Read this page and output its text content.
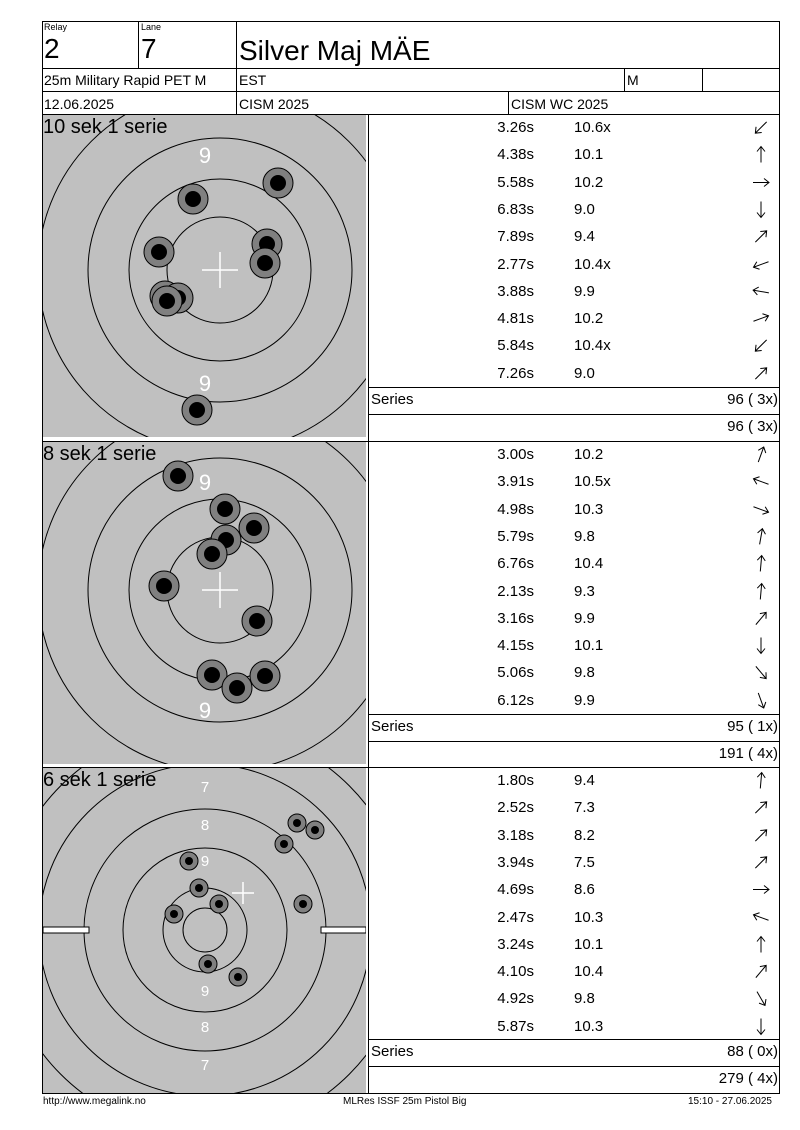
Relay
2
Lane
7	Silver Maj MÄE
25m Military Rapid PET M EST	M
12.06.2025	CISM 2025	CISM WC 2025
9
9
10 sek 1 serie	3.26s	10.6x
4.38s	10.1
5.58s	10.2
6.83s	9.0
7.89s	9.4
2.77s	10.4x
3.88s	9.9
4.81s	10.2
5.84s	10.4x
7.26s	9.0
Series	96 ( 3x)
96 ( 3x)
9
9
8 sek 1 serie	3.00s	10.2
3.91s	10.5x
4.98s	10.3
5.79s	9.8
6.76s	10.4
2.13s	9.3
3.16s	9.9
4.15s	10.1
5.06s	9.8
6.12s	9.9
Series	95 ( 1x)
191 ( 4x)
7
8
9
9
8
7
6 sek 1 serie	1.80s	9.4
2.52s	7.3
3.18s	8.2
3.94s	7.5
4.69s	8.6
2.47s	10.3
3.24s	10.1
4.10s	10.4
4.92s	9.8
5.87s	10.3
Series	88 ( 0x)
279 ( 4x)
http://www.megalink.no	MLRes ISSF 25m Pistol Big	15:10 - 27.06.2025
